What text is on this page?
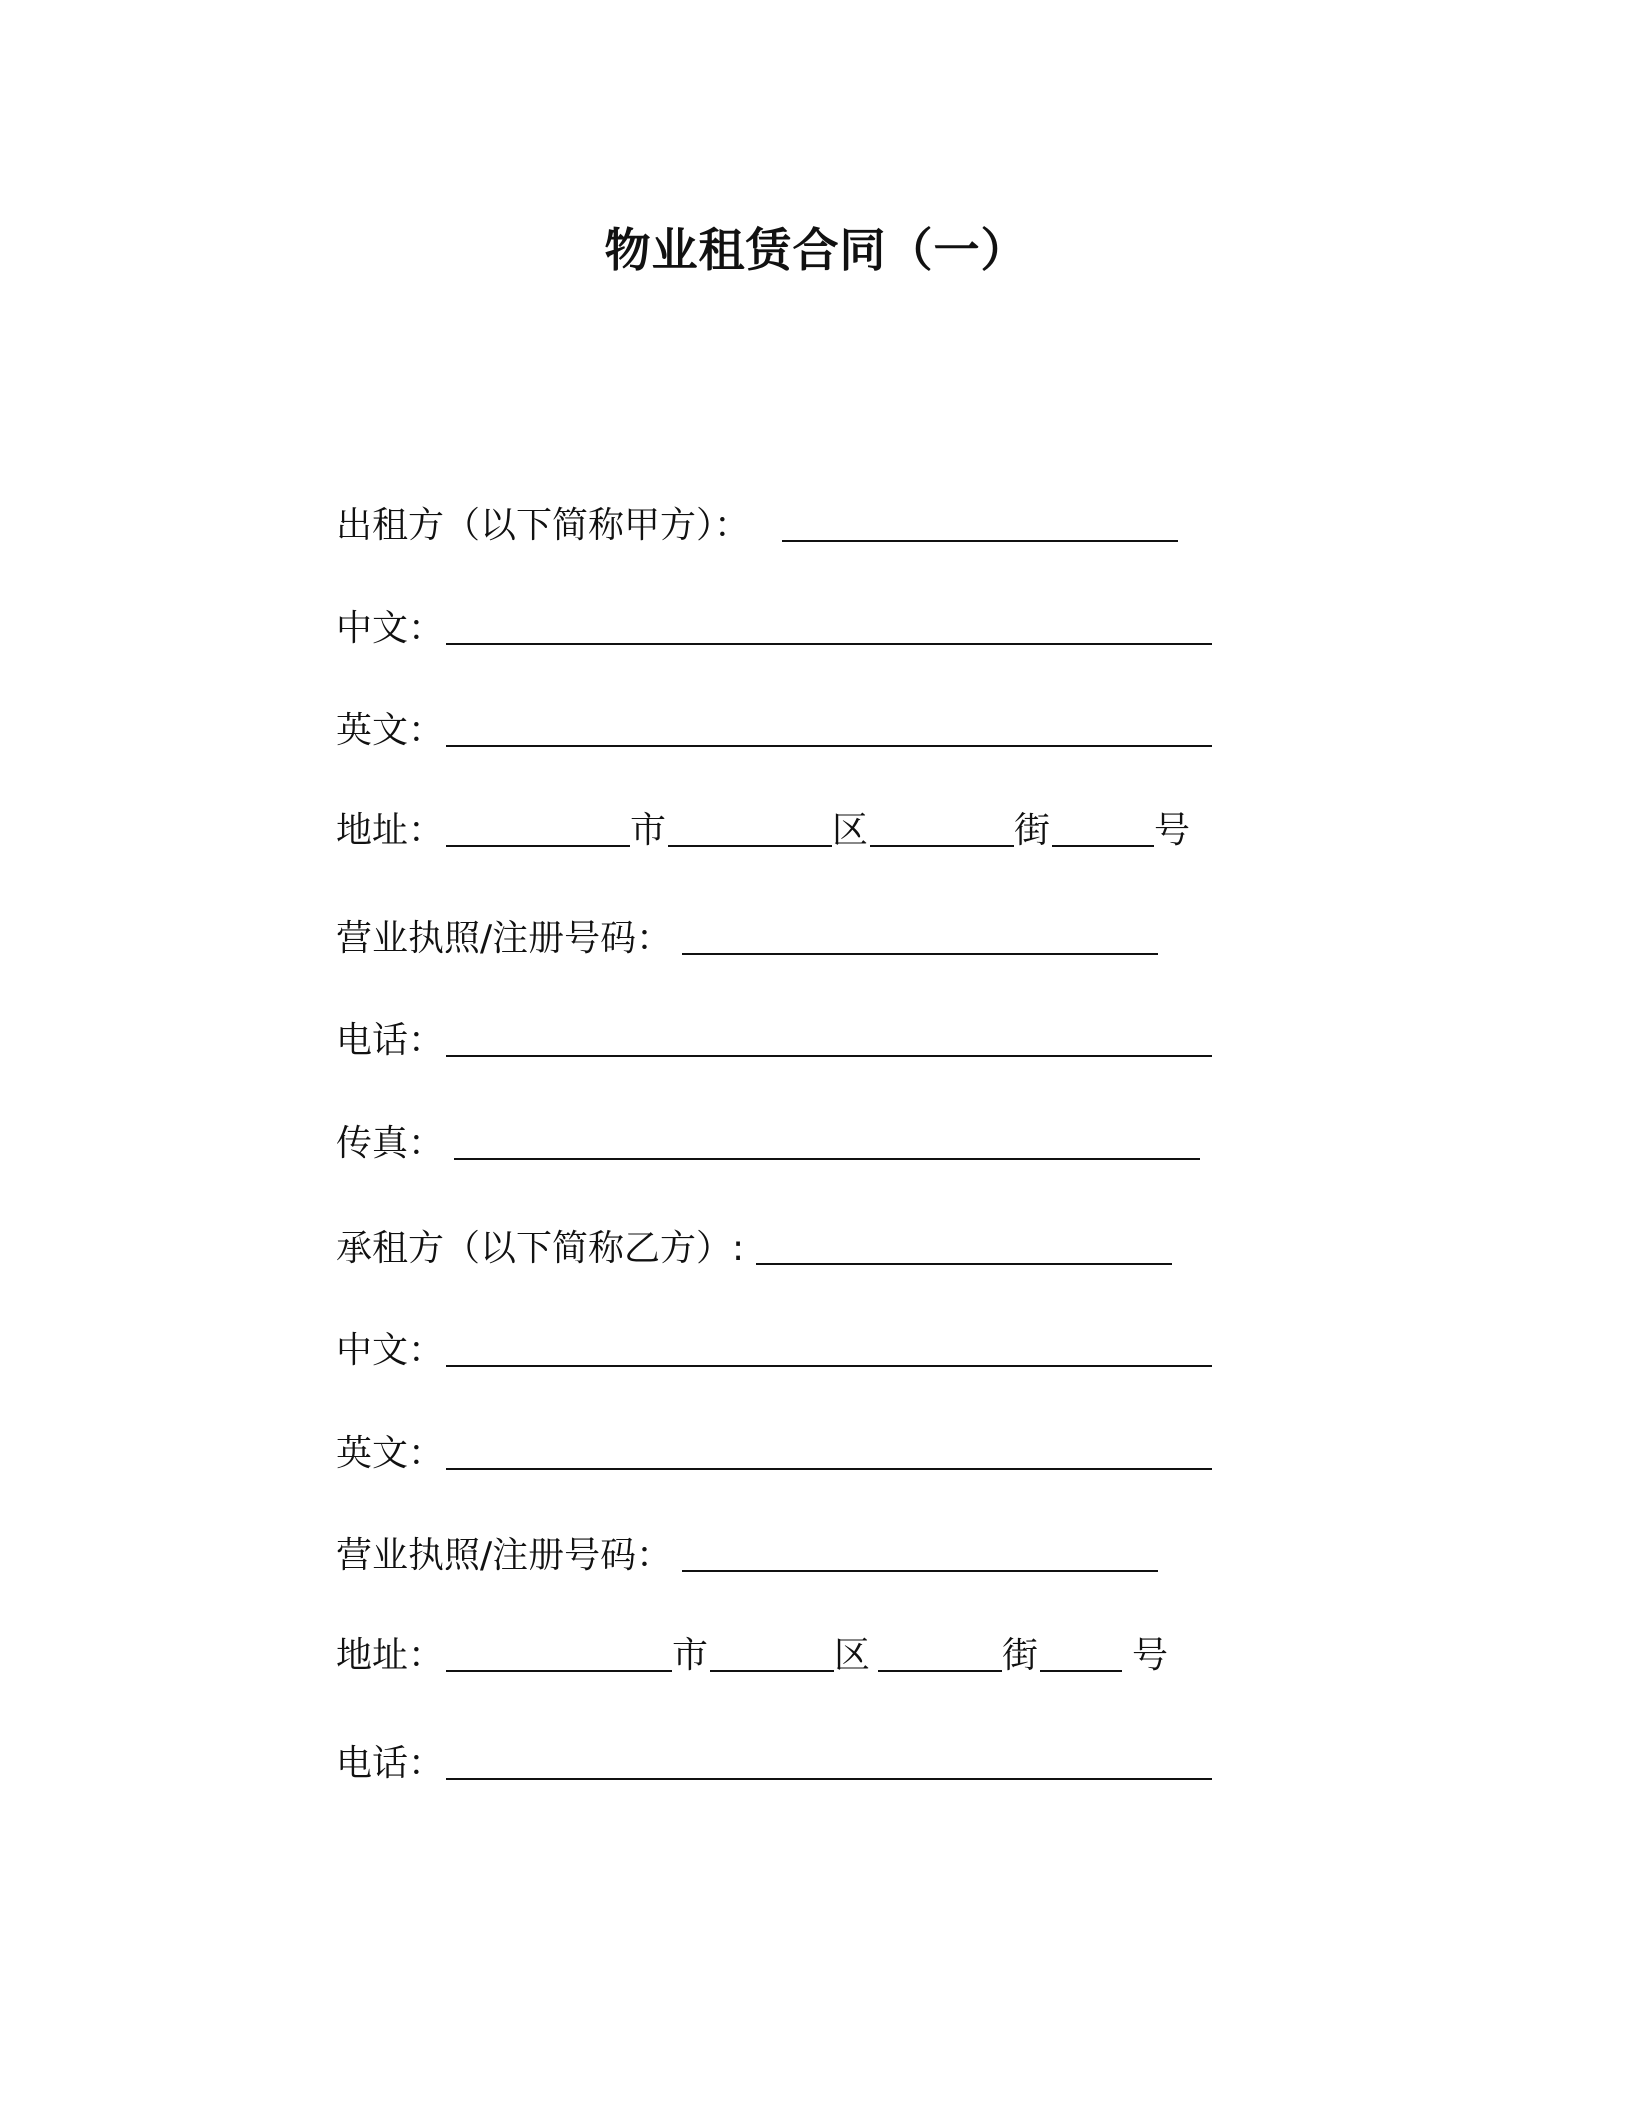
物业租赁合同（一）
出租方（以下简称甲方）：
中文：
英文：
地址：	市	区	街	号
营业执照/注册号码：
电话：
传真：
承租方（以下简称乙方）:
中文：
英文：
营业执照/注册号码：
地址：	市	区	街	号
电话：
